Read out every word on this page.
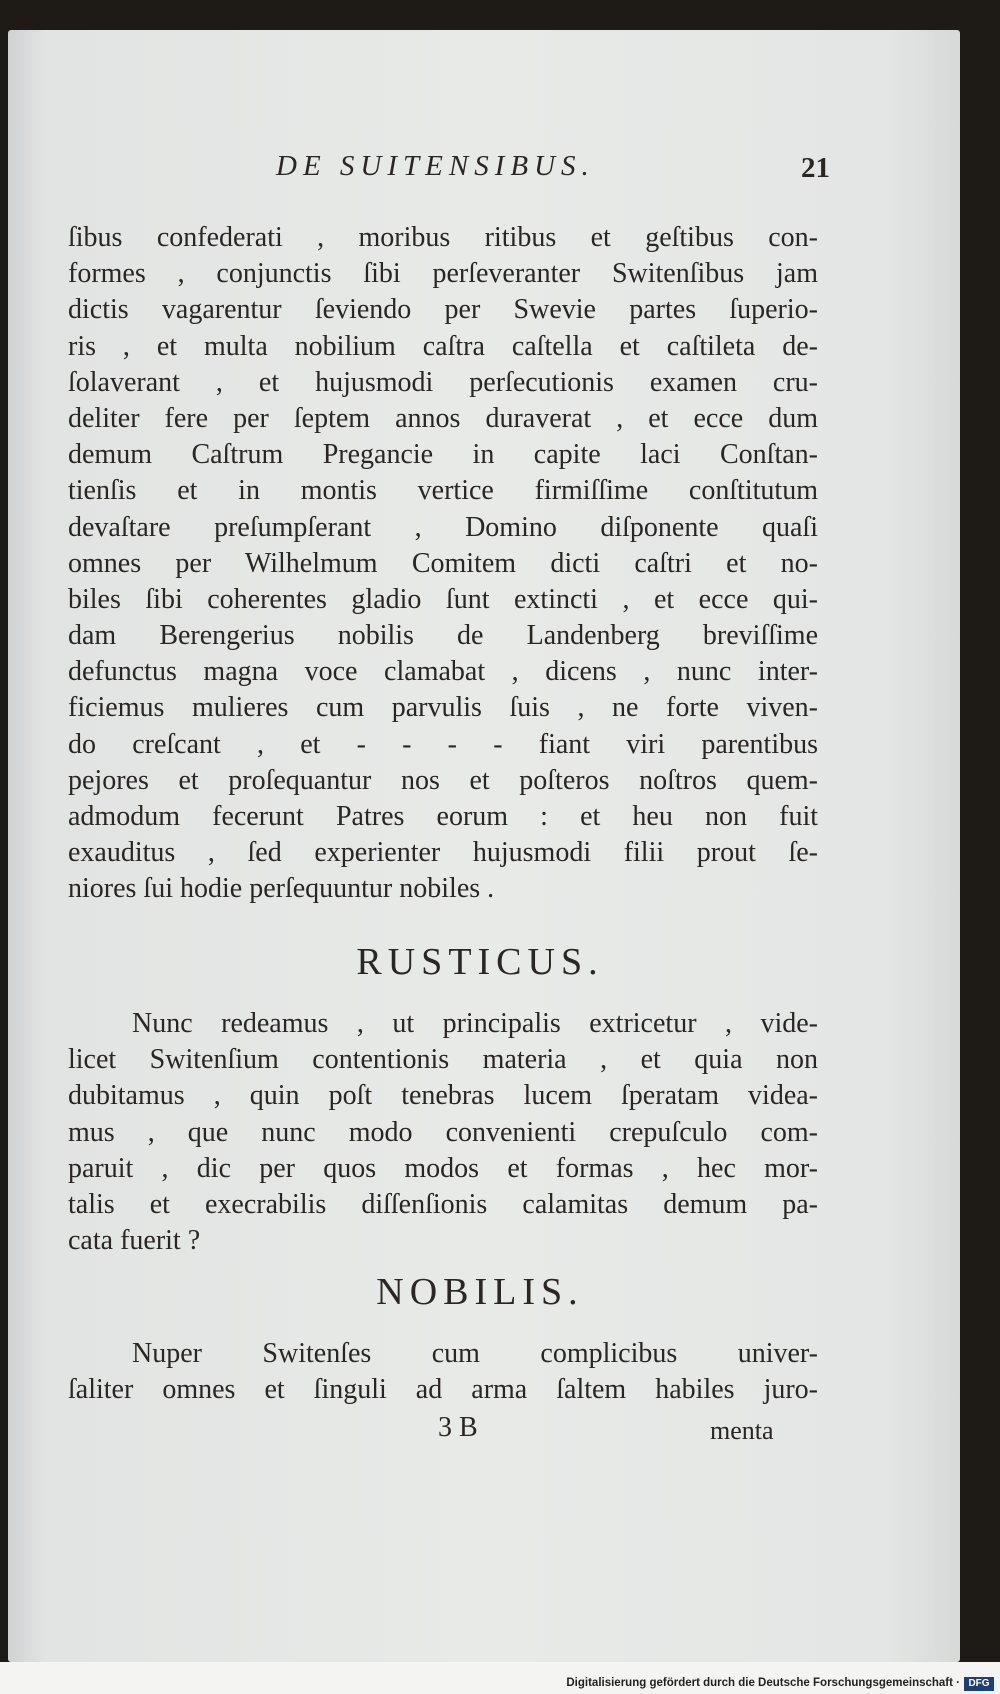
DE SUITENSIBUS.	21
ſibus confederati , moribus ritibus et geſtibus con-
formes , conjunctis ſibi perſeveranter Switenſibus jam
dictis vagarentur ſeviendo per Swevie partes ſuperio-
ris , et multa nobilium caſtra caſtella et caſtileta de-
ſolaverant , et hujusmodi perſecutionis examen cru-
deliter fere per ſeptem annos duraverat , et ecce dum
demum Caſtrum Pregancie in capite laci Conſtan-
tienſis et in montis vertice firmiſſime conſtitutum
devaſtare preſumpſerant , Domino diſponente quaſi
omnes per Wilhelmum Comitem dicti caſtri et no-
biles ſibi coherentes gladio ſunt extincti , et ecce qui-
dam Berengerius nobilis de Landenberg breviſſime
defunctus magna voce clamabat , dicens , nunc inter-
ficiemus mulieres cum parvulis ſuis , ne forte viven-
do creſcant , et - - - - fiant viri parentibus
pejores et proſequantur nos et poſteros noſtros quem-
admodum fecerunt Patres eorum : et heu non fuit
exauditus , ſed experienter hujusmodi filii prout ſe-
niores ſui hodie perſequuntur nobiles .
RUSTICUS.
Nunc redeamus , ut principalis extricetur , vide-
licet Switenſium contentionis materia , et quia non
dubitamus , quin poſt tenebras lucem ſperatam videa-
mus , que nunc modo convenienti crepuſculo com-
paruit , dic per quos modos et formas , hec mor-
talis et execrabilis diſſenſionis calamitas demum pa-
cata fuerit ?
NOBILIS.
Nuper Switenſes cum complicibus univer-
ſaliter omnes et ſinguli ad arma ſaltem habiles juro-
3 B	menta
Digitalisierung gefördert durch die Deutsche Forschungsgemeinschaft · DFG
